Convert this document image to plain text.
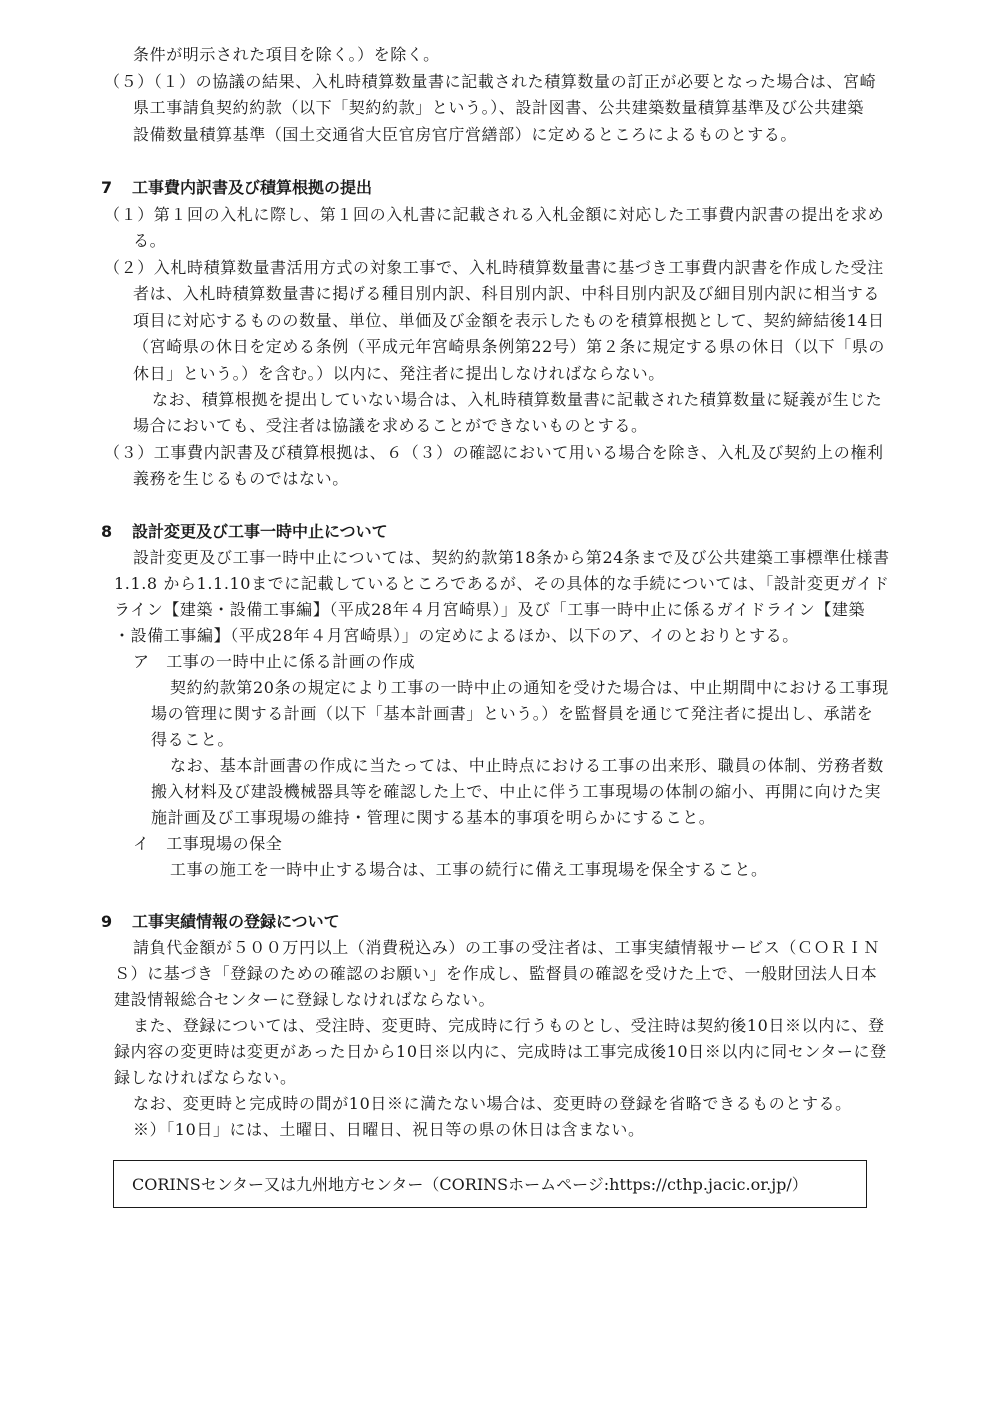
条件が明示された項目を除く。）を除く。
（５）（１）の協議の結果、入札時積算数量書に記載された積算数量の訂正が必要となった場合は、宮崎
県工事請負契約約款（以下「契約約款」という。）、設計図書、公共建築数量積算基準及び公共建築
設備数量積算基準（国土交通省大臣官房官庁営繕部）に定めるところによるものとする。
7 工事費内訳書及び積算根拠の提出
（１）第１回の入札に際し、第１回の入札書に記載される入札金額に対応した工事費内訳書の提出を求め
る。
（２）入札時積算数量書活用方式の対象工事で、入札時積算数量書に基づき工事費内訳書を作成した受注
者は、入札時積算数量書に掲げる種目別内訳、科目別内訳、中科目別内訳及び細目別内訳に相当する
項目に対応するものの数量、単位、単価及び金額を表示したものを積算根拠として、契約締結後14日
（宮崎県の休日を定める条例（平成元年宮崎県条例第22号）第２条に規定する県の休日（以下「県の
休日」という。）を含む。）以内に、発注者に提出しなければならない。
なお、積算根拠を提出していない場合は、入札時積算数量書に記載された積算数量に疑義が生じた
場合においても、受注者は協議を求めることができないものとする。
（３）工事費内訳書及び積算根拠は、６（３）の確認において用いる場合を除き、入札及び契約上の権利
義務を生じるものではない。
8 設計変更及び工事一時中止について
設計変更及び工事一時中止については、契約約款第18条から第24条まで及び公共建築工事標準仕様書
1.1.8 から1.1.10までに記載しているところであるが、その具体的な手続については、「設計変更ガイド
ライン【建築・設備工事編】（平成28年４月宮崎県）」及び「工事一時中止に係るガイドライン【建築
・設備工事編】（平成28年４月宮崎県）」の定めによるほか、以下のア、イのとおりとする。
ア　工事の一時中止に係る計画の作成
契約約款第20条の規定により工事の一時中止の通知を受けた場合は、中止期間中における工事現
場の管理に関する計画（以下「基本計画書」という。）を監督員を通じて発注者に提出し、承諾を
得ること。
なお、基本計画書の作成に当たっては、中止時点における工事の出来形、職員の体制、労務者数
搬入材料及び建設機械器具等を確認した上で、中止に伴う工事現場の体制の縮小、再開に向けた実
施計画及び工事現場の維持・管理に関する基本的事項を明らかにすること。
イ　工事現場の保全
工事の施工を一時中止する場合は、工事の続行に備え工事現場を保全すること。
9 工事実績情報の登録について
請負代金額が５００万円以上（消費税込み）の工事の受注者は、工事実績情報サービス（ＣＯＲＩＮ
Ｓ）に基づき「登録のための確認のお願い」を作成し、監督員の確認を受けた上で、一般財団法人日本
建設情報総合センターに登録しなければならない。
また、登録については、受注時、変更時、完成時に行うものとし、受注時は契約後10日※以内に、登
録内容の変更時は変更があった日から10日※以内に、完成時は工事完成後10日※以内に同センターに登
録しなければならない。
なお、変更時と完成時の間が10日※に満たない場合は、変更時の登録を省略できるものとする。
※）「10日」には、土曜日、日曜日、祝日等の県の休日は含まない。
CORINSセンター又は九州地方センター（CORINSホームページ:https://cthp.jacic.or.jp/）
